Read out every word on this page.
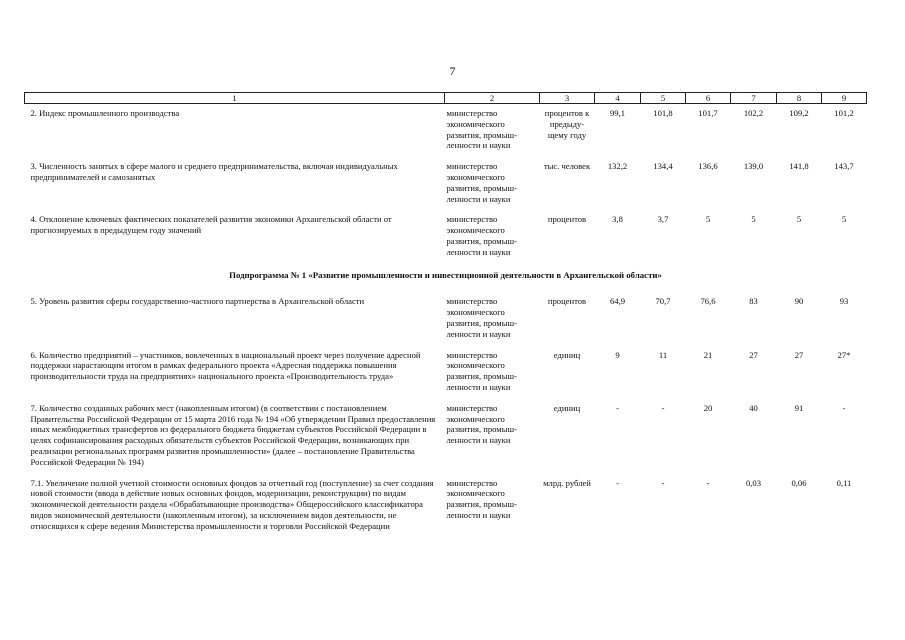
7
1	2	3	4	5	6	7	8	9
2. Индекс промышленного производства	министерство экономического развития, промыш-ленности и науки	процентов к предыду-щему году	99,1	101,8	101,7	102,2	109,2	101,2
3. Численность занятых в сфере малого и среднего предпринимательства, включая индивидуальных предпринимателей и самозанятых	министерство экономического развития, промыш-ленности и науки	тыс. человек	132,2	134,4	136,6	139,0	141,8	143,7
4. Отклонение ключевых фактических показателей развития экономики Архангельской области от прогнозируемых в предыдущем году значений	министерство экономического развития, промыш-ленности и науки	процентов	3,8	3,7	5	5	5	5
Подпрограмма № 1 «Развитие промышленности и инвестиционной деятельности в Архангельской области»								
5. Уровень развития сферы государственно-частного партнерства в Архангельской области	министерство экономического развития, промыш-ленности и науки	процентов	64,9	70,7	76,6	83	90	93
6. Количество предприятий – участников, вовлеченных в национальный проект через получение адресной поддержки нарастающим итогом в рамках федерального проекта «Адресная поддержка повышения производительности труда на предприятиях» национального проекта «Производительность труда»	министерство экономического развития, промыш-ленности и науки	единиц	9	11	21	27	27	27*
7. Количество созданных рабочих мест (накопленным итогом) (в соответствии с постановлением Правительства Российской Федерации от 15 марта 2016 года № 194 «Об утверждении Правил предоставления иных межбюджетных трансфертов из федерального бюджета бюджетам субъектов Российской Федерации в целях софинансирования расходных обязательств субъектов Российской Федерации, возникающих при реализации региональных программ развития промышленности» (далее – постановление Правительства Российской Федерации № 194)	министерство экономического развития, промыш-ленности и науки	единиц	-	-	20	40	91	-
7.1. Увеличение полной учетной стоимости основных фондов за отчетный год (поступление) за счет создания новой стоимости (ввода в действие новых основных фондов, модернизации, реконструкции) по видам экономической деятельности раздела «Обрабатывающие производства» Общероссийского классификатора видов экономической деятельности (накопленным итогом), за исключением видов деятельности, не относящихся к сфере ведения Министерства промышленности и торговли Российской Федерации	министерство экономического развития, промыш-ленности и науки	млрд. рублей	-	-	-	0,03	0,06	0,11
